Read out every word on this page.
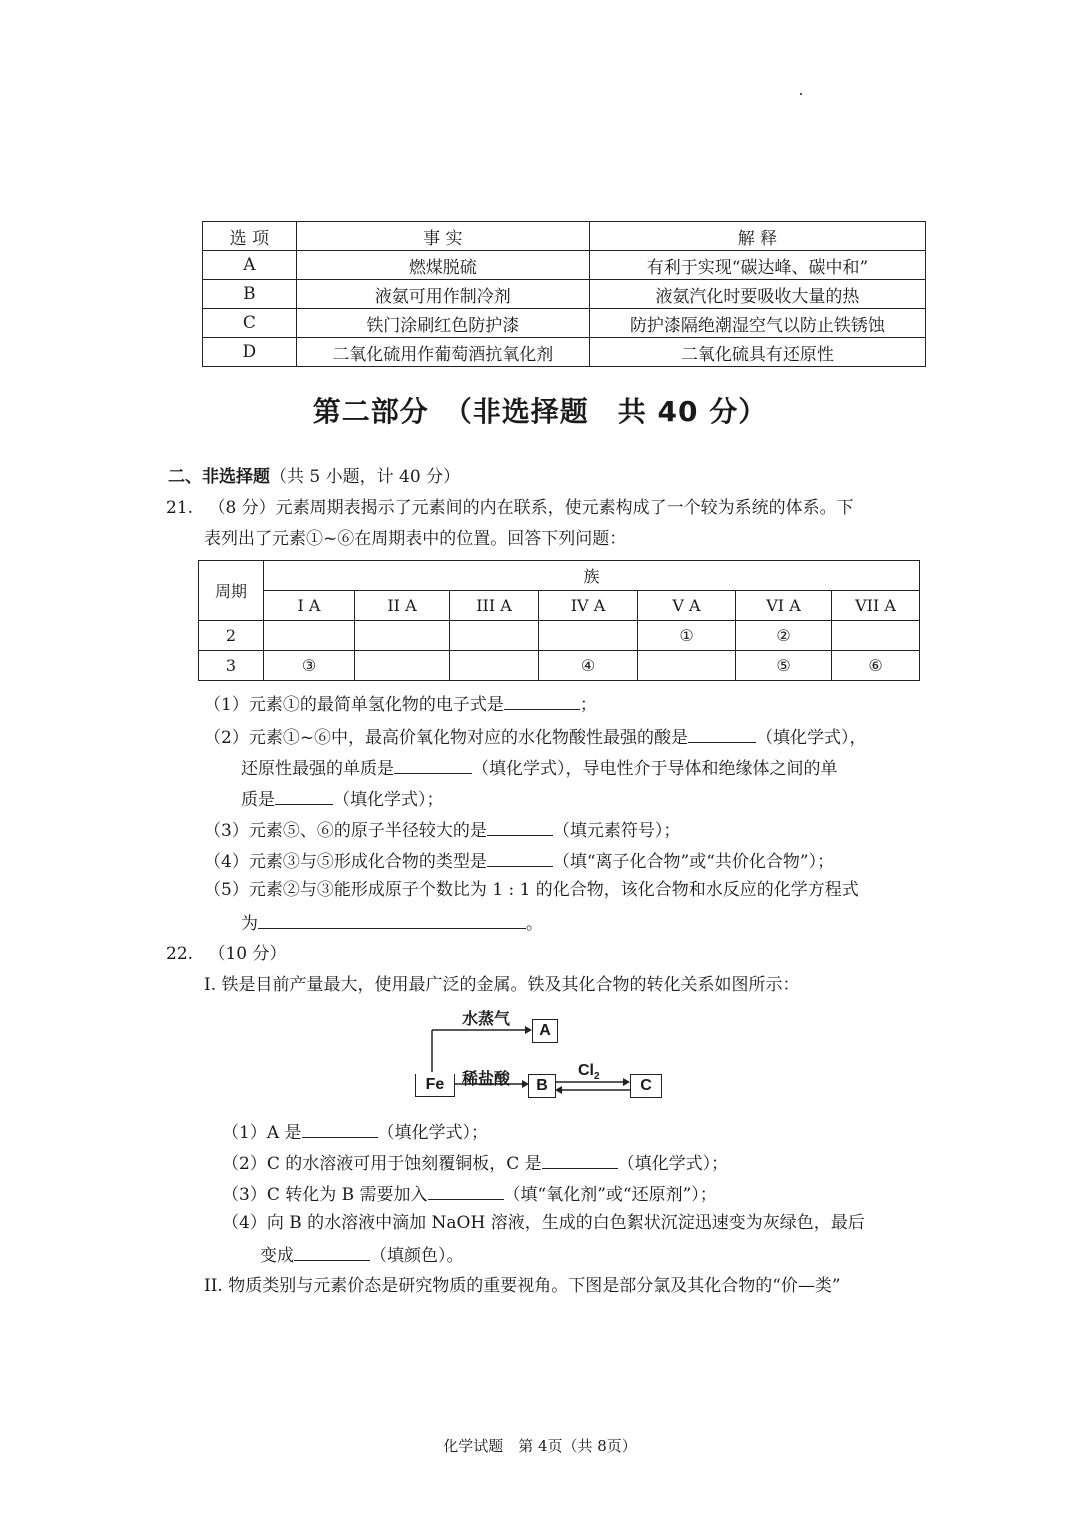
选 项	事 实	解 释
A	燃煤脱硫	有利于实现“碳达峰、碳中和”
B	液氨可用作制冷剂	液氨汽化时要吸收大量的热
C	铁门涂刷红色防护漆	防护漆隔绝潮湿空气以防止铁锈蚀
D	二氧化硫用作葡萄酒抗氧化剂	二氧化硫具有还原性
第二部分　（非选择题　共 40 分）
二、非选择题（共 5 小题，计 40 分）
21. （8 分）元素周期表揭示了元素间的内在联系，使元素构成了一个较为系统的体系。下
表列出了元素①~⑥在周期表中的位置。回答下列问题：
周期	族						
	I A	II A	III A	IV A	V A	VI A	VII A
2					①	②	
3	③			④		⑤	⑥
（1）元素①的最简单氢化物的电子式是	；
（2）元素①~⑥中，最高价氧化物对应的水化物酸性最强的酸是	（填化学式），
还原性最强的单质是	（填化学式），导电性介于导体和绝缘体之间的单
质是	（填化学式）；
（3）元素⑤、⑥的原子半径较大的是	（填元素符号）；
（4）元素③与⑤形成化合物的类型是	（填“离子化合物”或“共价化合物”）；
（5）元素②与③能形成原子个数比为 1 : 1 的化合物，该化合物和水反应的化学方程式
为	。
22. （10 分）
I. 铁是目前产量最大，使用最广泛的金属。铁及其化合物的转化关系如图所示：
Fe
A
B	C
水蒸气
稀盐酸
$Cl_2$
（1）A 是	（填化学式）；
（2）C 的水溶液可用于蚀刻覆铜板，C 是	（填化学式）；
（3）C 转化为 B 需要加入	（填“氧化剂”或“还原剂”）；
（4）向 B 的水溶液中滴加 NaOH 溶液，生成的白色絮状沉淀迅速变为灰绿色，最后
变成	（填颜色）。
II. 物质类别与元素价态是研究物质的重要视角。下图是部分氯及其化合物的“价—类”
化学试题　第 4页（共 8页）
